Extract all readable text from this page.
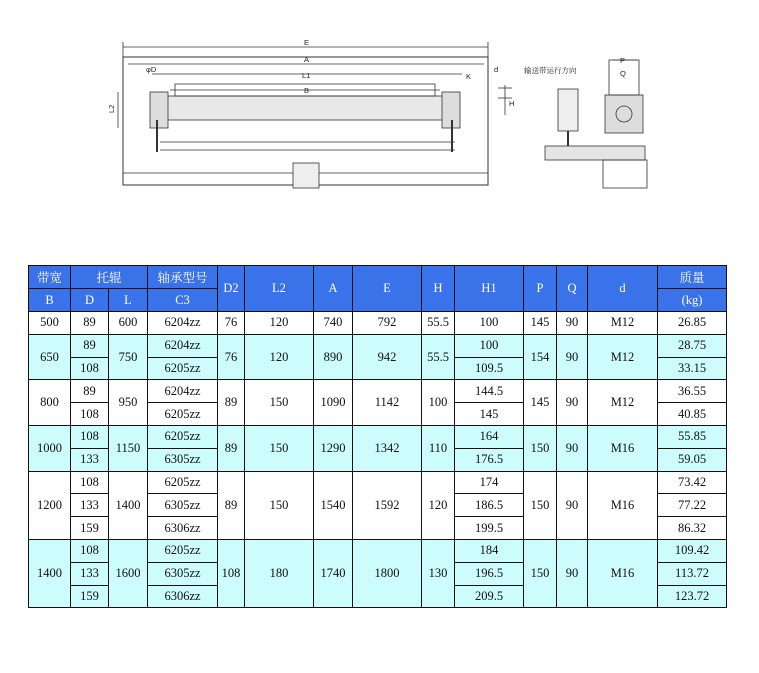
E
A
L1
B
φD
L2
K
d
H
P
Q
输送带运行方向
带宽	托辊		轴承型号	D2	L2	A	E	H	H1	P	Q	d	质量
B	D	L	C3										(kg)
500	89	600	6204zz	76	120	740	792	55.5	100	145	90	M12	26.85
650	89	750	6204zz	76	120	890	942	55.5	100	154	90	M12	28.75
	108		6205zz						109.5				33.15
800	89	950	6204zz	89	150	1090	1142	100	144.5	145	90	M12	36.55
	108		6205zz						145				40.85
1000	108	1150	6205zz	89	150	1290	1342	110	164	150	90	M16	55.85
	133		6305zz						176.5				59.05
1200	108	1400	6205zz	89	150	1540	1592	120	174	150	90	M16	73.42
	133		6305zz						186.5				77.22
	159		6306zz						199.5				86.32
1400	108	1600	6205zz	108	180	1740	1800	130	184	150	90	M16	109.42
	133		6305zz						196.5				113.72
	159		6306zz						209.5				123.72
